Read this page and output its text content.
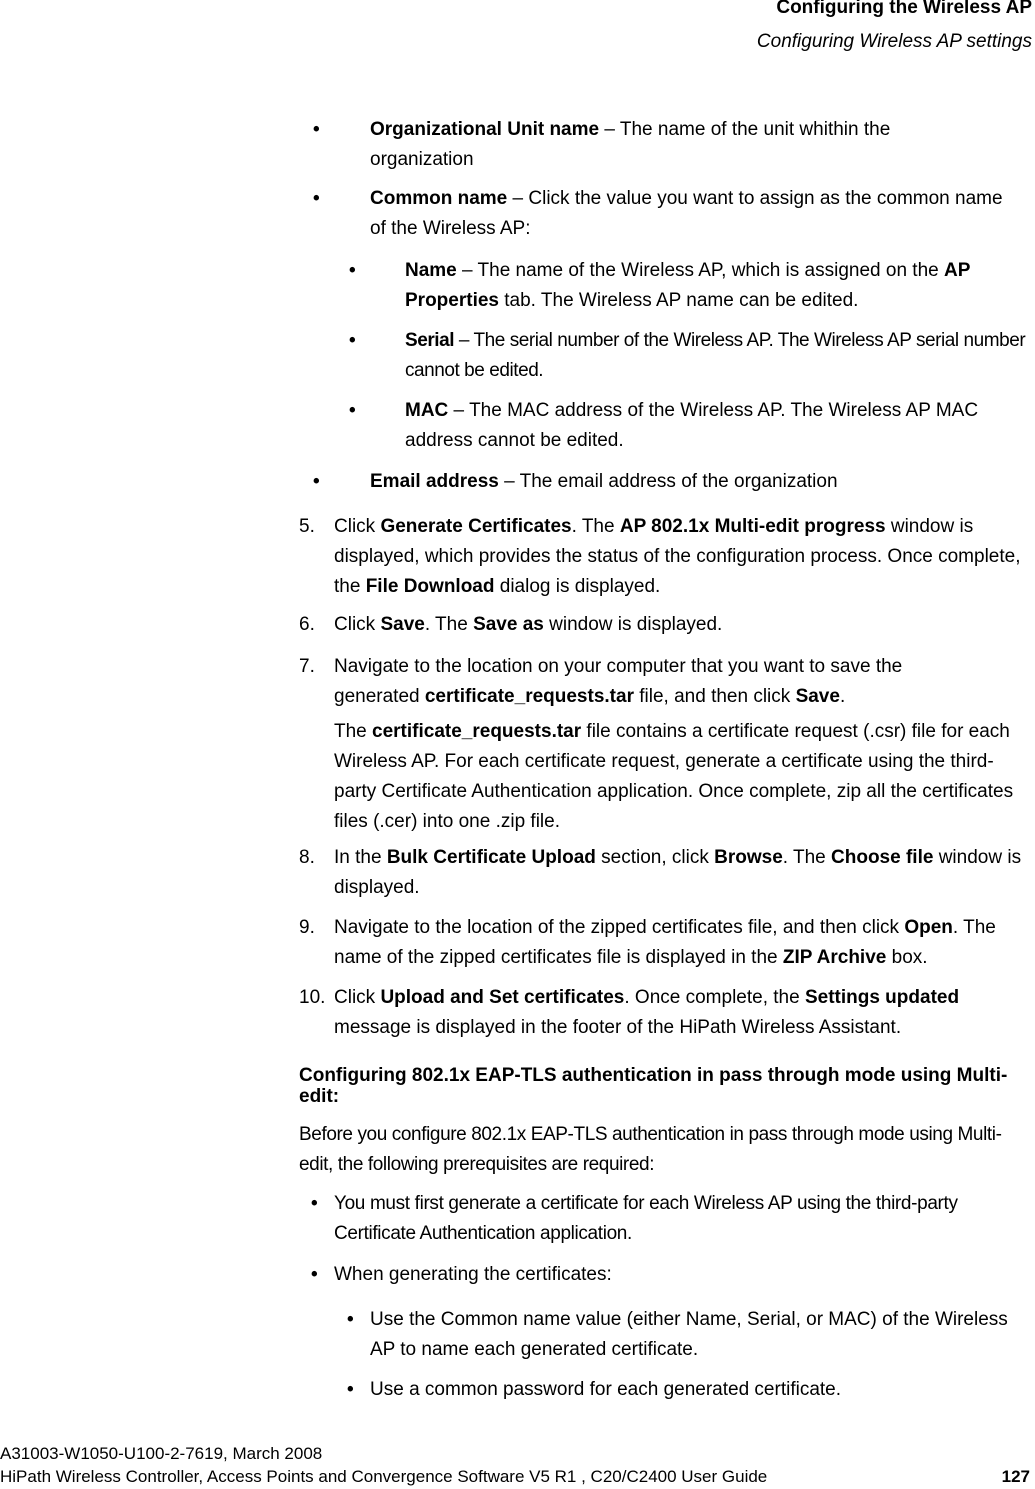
Configuring the Wireless AP
Configuring Wireless AP settings
•	Organizational Unit name – The name of the unit whithin the organization

•	Common name – Click the value you want to assign as the common name of the Wireless AP:

•	Name – The name of the Wireless AP, which is assigned on the AP Properties tab. The Wireless AP name can be edited.

•	Serial – The serial number of the Wireless AP. The Wireless AP serial number cannot be edited.

•	MAC – The MAC address of the Wireless AP. The Wireless AP MAC address cannot be edited.

•	Email address – The email address of the organization

5. Click Generate Certificates. The AP 802.1x Multi-edit progress window is displayed, which provides the status of the configuration process. Once complete, the File Download dialog is displayed.

6. Click Save. The Save as window is displayed.

7. Navigate to the location on your computer that you want to save the generated certificate_requests.tar file, and then click Save.

The certificate_requests.tar file contains a certificate request (.csr) file for each Wireless AP. For each certificate request, generate a certificate using the third-party Certificate Authentication application. Once complete, zip all the certificates files (.cer) into one .zip file.

8. In the Bulk Certificate Upload section, click Browse. The Choose file window is displayed.

9. Navigate to the location of the zipped certificates file, and then click Open. The name of the zipped certificates file is displayed in the ZIP Archive box.

10. Click Upload and Set certificates. Once complete, the Settings updated message is displayed in the footer of the HiPath Wireless Assistant.

Configuring 802.1x EAP-TLS authentication in pass through mode using Multi-edit:

Before you configure 802.1x EAP-TLS authentication in pass through mode using Multi-edit, the following prerequisites are required:

• You must first generate a certificate for each Wireless AP using the third-party Certificate Authentication application.

• When generating the certificates:

• Use the Common name value (either Name, Serial, or MAC) of the Wireless AP to name each generated certificate.

• Use a common password for each generated certificate.

A31003-W1050-U100-2-7619, March 2008
HiPath Wireless Controller, Access Points and Convergence Software V5 R1 , C20/C2400 User Guide	127
